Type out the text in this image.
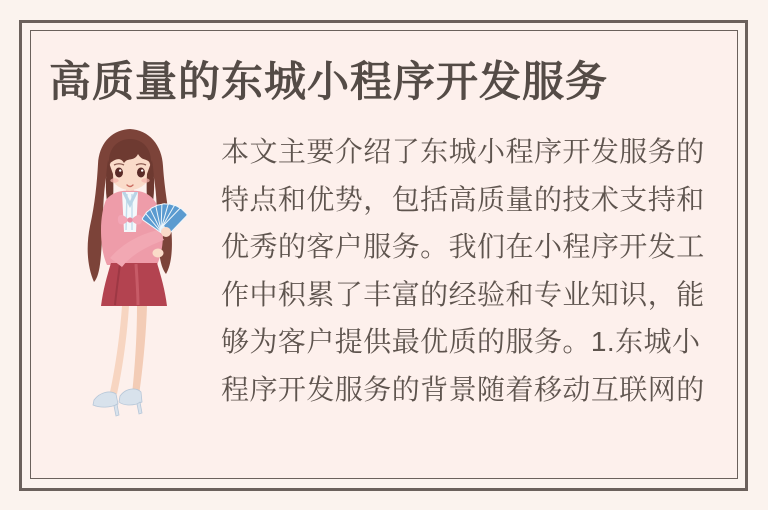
高质量的东城小程序开发服务
本文主要介绍了东城小程序开发服务的
特点和优势，包括高质量的技术支持和
优秀的客户服务。我们在小程序开发工
作中积累了丰富的经验和专业知识，能
够为客户提供最优质的服务。1.东城小
程序开发服务的背景随着移动互联网的
